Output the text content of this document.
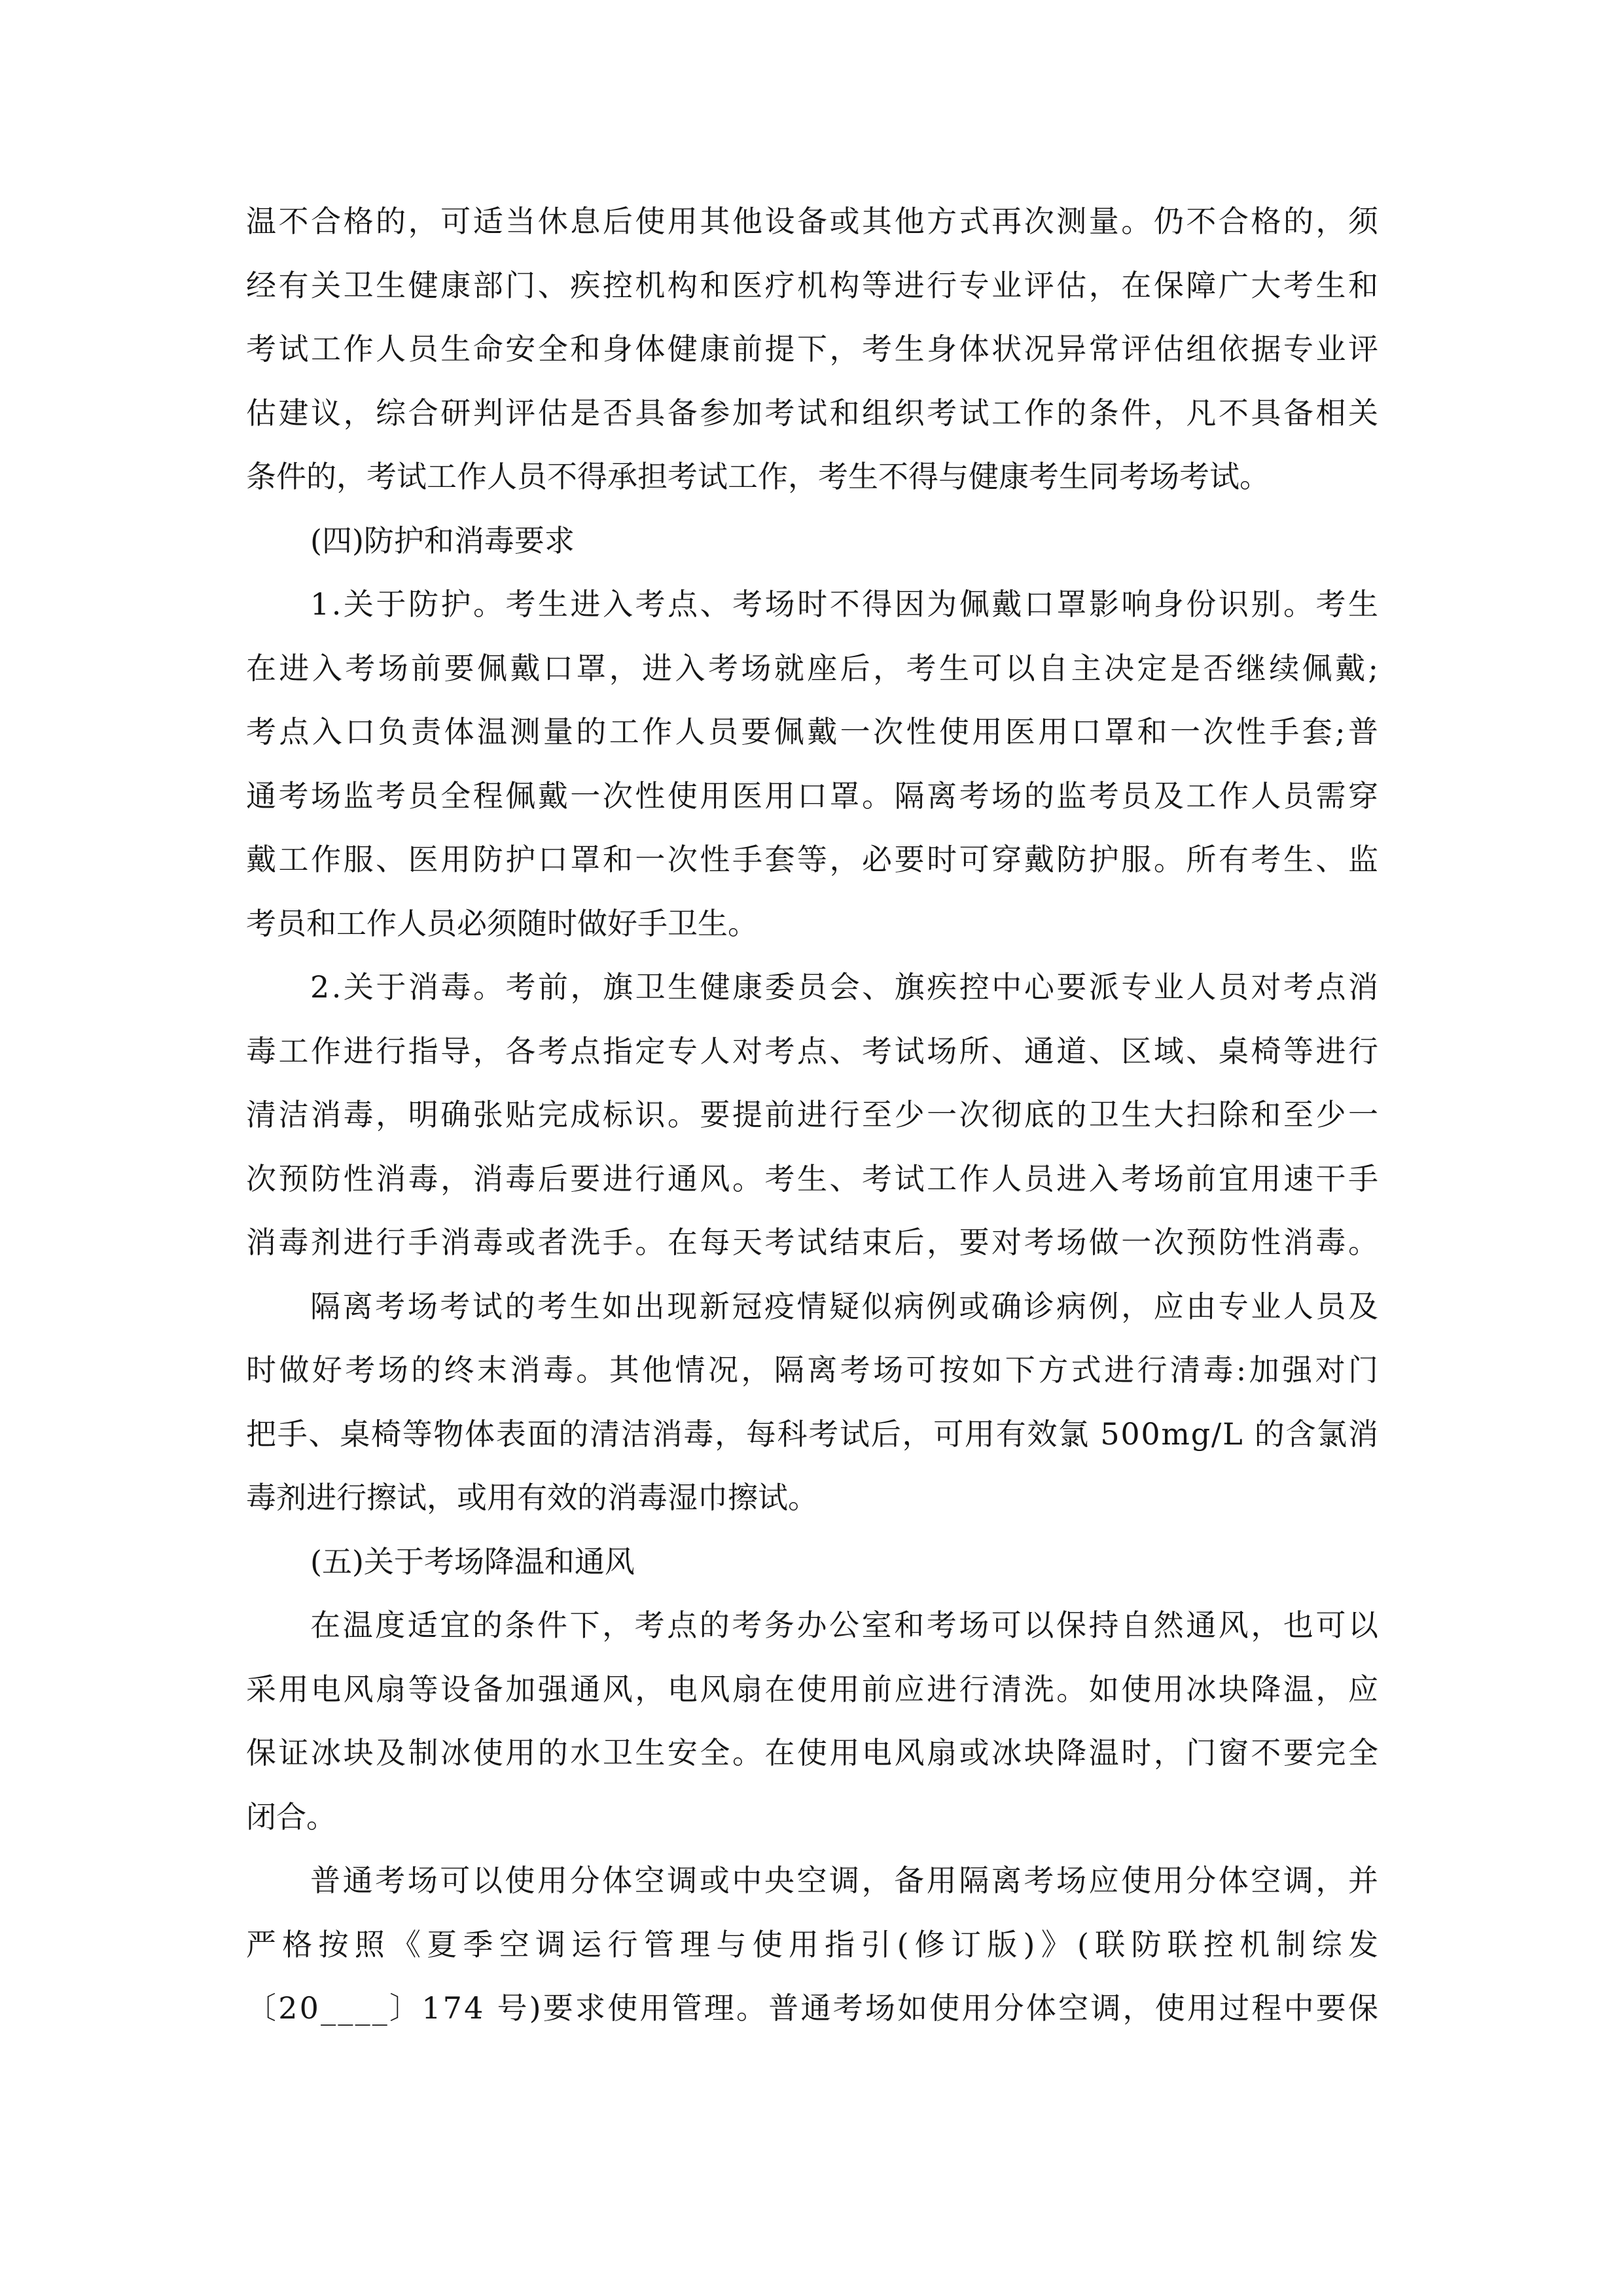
温不合格的，可适当休息后使用其他设备或其他方式再次测量。仍不合格的，须
经有关卫生健康部门、疾控机构和医疗机构等进行专业评估，在保障广大考生和
考试工作人员生命安全和身体健康前提下，考生身体状况异常评估组依据专业评
估建议，综合研判评估是否具备参加考试和组织考试工作的条件，凡不具备相关
条件的，考试工作人员不得承担考试工作，考生不得与健康考生同考场考试。
(四)防护和消毒要求
1.关于防护。考生进入考点、考场时不得因为佩戴口罩影响身份识别。考生
在进入考场前要佩戴口罩，进入考场就座后，考生可以自主决定是否继续佩戴;
考点入口负责体温测量的工作人员要佩戴一次性使用医用口罩和一次性手套;普
通考场监考员全程佩戴一次性使用医用口罩。隔离考场的监考员及工作人员需穿
戴工作服、医用防护口罩和一次性手套等，必要时可穿戴防护服。所有考生、监
考员和工作人员必须随时做好手卫生。
2.关于消毒。考前，旗卫生健康委员会、旗疾控中心要派专业人员对考点消
毒工作进行指导，各考点指定专人对考点、考试场所、通道、区域、桌椅等进行
清洁消毒，明确张贴完成标识。要提前进行至少一次彻底的卫生大扫除和至少一
次预防性消毒，消毒后要进行通风。考生、考试工作人员进入考场前宜用速干手
消毒剂进行手消毒或者洗手。在每天考试结束后，要对考场做一次预防性消毒。
隔离考场考试的考生如出现新冠疫情疑似病例或确诊病例，应由专业人员及
时做好考场的终末消毒。其他情况，隔离考场可按如下方式进行清毒:加强对门
把手、桌椅等物体表面的清洁消毒，每科考试后，可用有效氯 500mg/L 的含氯消
毒剂进行擦试，或用有效的消毒湿巾擦试。
(五)关于考场降温和通风
在温度适宜的条件下，考点的考务办公室和考场可以保持自然通风，也可以
采用电风扇等设备加强通风，电风扇在使用前应进行清洗。如使用冰块降温，应
保证冰块及制冰使用的水卫生安全。在使用电风扇或冰块降温时，门窗不要完全
闭合。
普通考场可以使用分体空调或中央空调，备用隔离考场应使用分体空调，并
严格按照《夏季空调运行管理与使用指引(修订版)》(联防联控机制综发
〔20____〕174 号)要求使用管理。普通考场如使用分体空调，使用过程中要保
